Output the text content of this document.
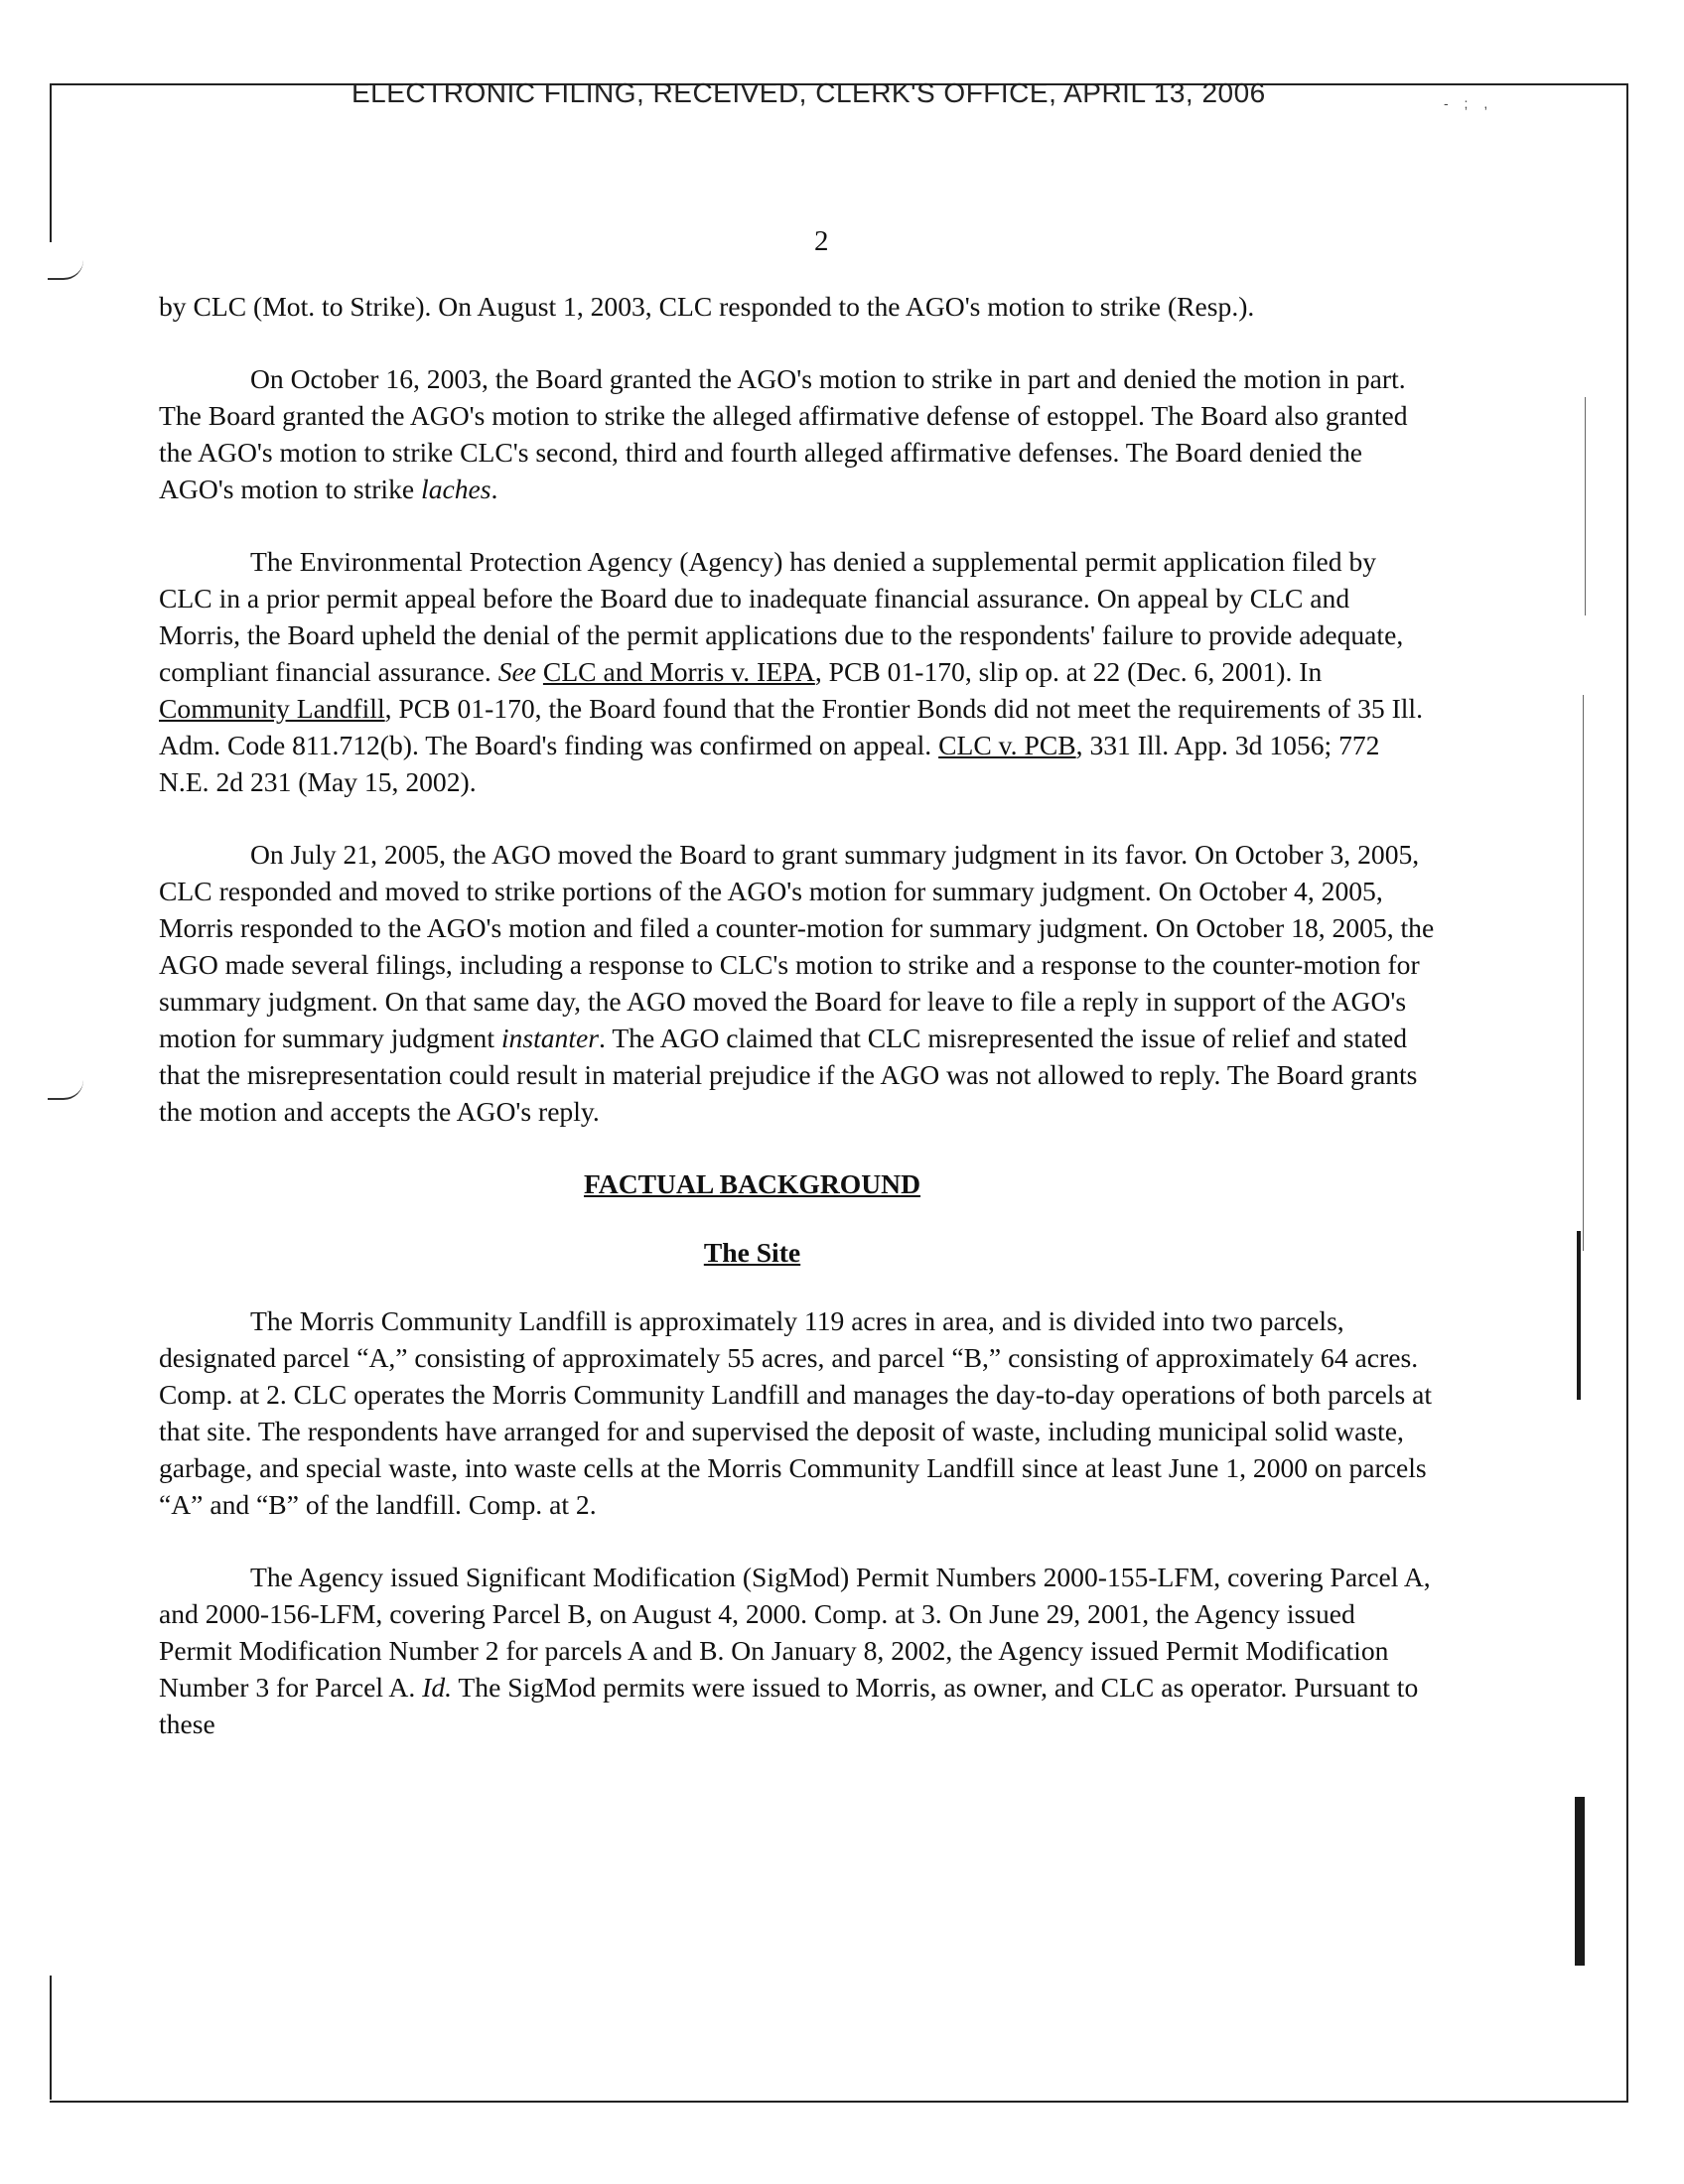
ELECTRONIC FILING, RECEIVED, CLERK'S OFFICE, APRIL 13, 2006	- ; ,
2

by CLC (Mot. to Strike). On August 1, 2003, CLC responded to the AGO's motion to strike (Resp.).

On October 16, 2003, the Board granted the AGO's motion to strike in part and denied the motion in part. The Board granted the AGO's motion to strike the alleged affirmative defense of estoppel. The Board also granted the AGO's motion to strike CLC's second, third and fourth alleged affirmative defenses. The Board denied the AGO's motion to strike laches.

The Environmental Protection Agency (Agency) has denied a supplemental permit application filed by CLC in a prior permit appeal before the Board due to inadequate financial assurance. On appeal by CLC and Morris, the Board upheld the denial of the permit applications due to the respondents' failure to provide adequate, compliant financial assurance. See CLC and Morris v. IEPA, PCB 01-170, slip op. at 22 (Dec. 6, 2001). In Community Landfill, PCB 01-170, the Board found that the Frontier Bonds did not meet the requirements of 35 Ill. Adm. Code 811.712(b). The Board's finding was confirmed on appeal. CLC v. PCB, 331 Ill. App. 3d 1056; 772 N.E. 2d 231 (May 15, 2002).

On July 21, 2005, the AGO moved the Board to grant summary judgment in its favor. On October 3, 2005, CLC responded and moved to strike portions of the AGO's motion for summary judgment. On October 4, 2005, Morris responded to the AGO's motion and filed a counter-motion for summary judgment. On October 18, 2005, the AGO made several filings, including a response to CLC's motion to strike and a response to the counter-motion for summary judgment. On that same day, the AGO moved the Board for leave to file a reply in support of the AGO's motion for summary judgment instanter. The AGO claimed that CLC misrepresented the issue of relief and stated that the misrepresentation could result in material prejudice if the AGO was not allowed to reply. The Board grants the motion and accepts the AGO's reply.

FACTUAL BACKGROUND

The Site

The Morris Community Landfill is approximately 119 acres in area, and is divided into two parcels, designated parcel “A,” consisting of approximately 55 acres, and parcel “B,” consisting of approximately 64 acres. Comp. at 2. CLC operates the Morris Community Landfill and manages the day-to-day operations of both parcels at that site. The respondents have arranged for and supervised the deposit of waste, including municipal solid waste, garbage, and special waste, into waste cells at the Morris Community Landfill since at least June 1, 2000 on parcels “A” and “B” of the landfill. Comp. at 2.

The Agency issued Significant Modification (SigMod) Permit Numbers 2000-155-LFM, covering Parcel A, and 2000-156-LFM, covering Parcel B, on August 4, 2000. Comp. at 3. On June 29, 2001, the Agency issued Permit Modification Number 2 for parcels A and B. On January 8, 2002, the Agency issued Permit Modification Number 3 for Parcel A. Id. The SigMod permits were issued to Morris, as owner, and CLC as operator. Pursuant to these
